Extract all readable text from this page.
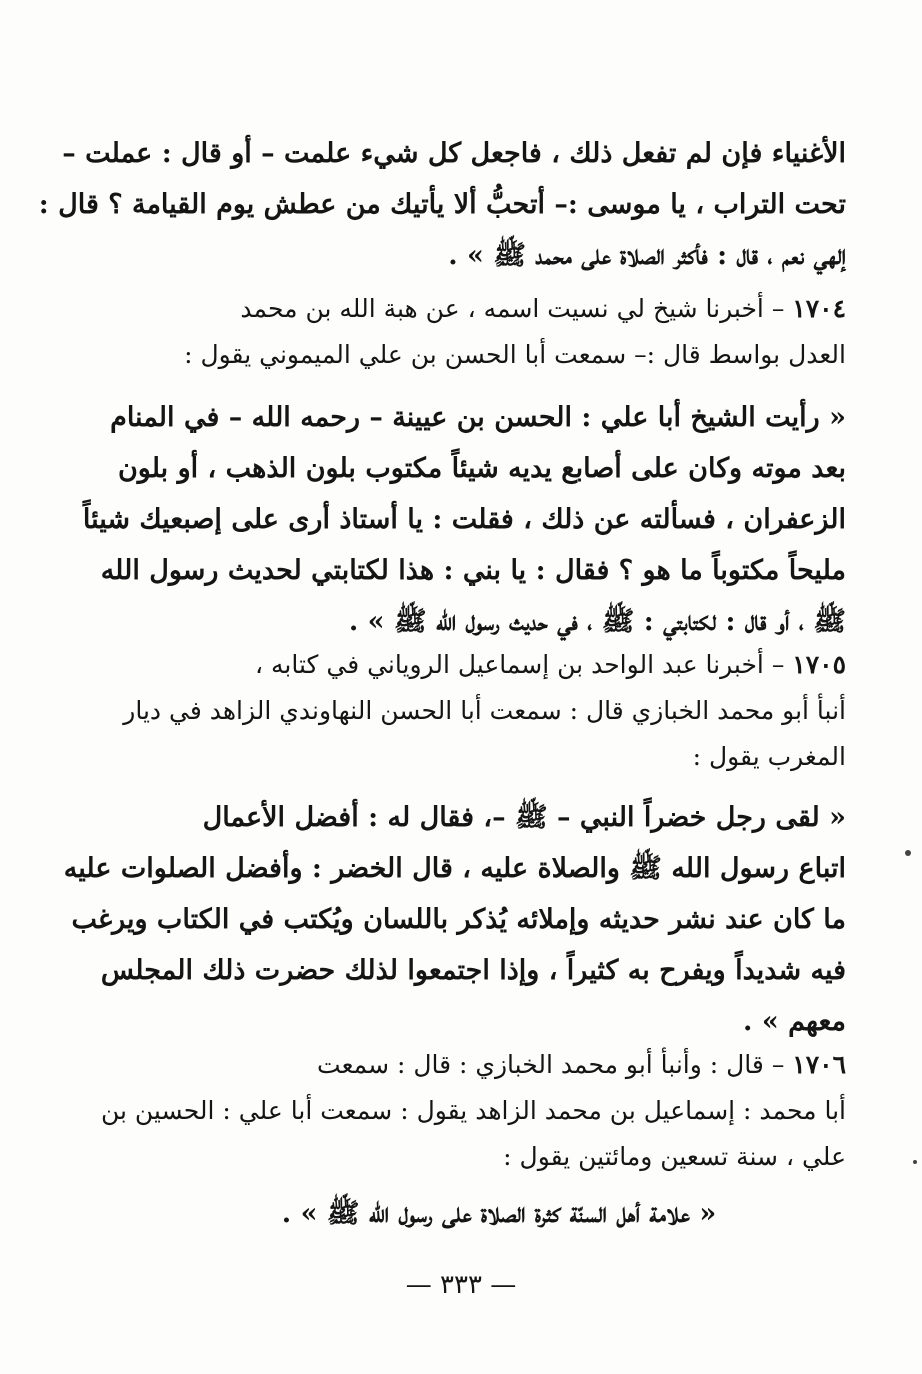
الأغنياء فإن لم تفعل ذلك ، فاجعل كل شيء علمت – أو قال : عملت –
تحت التراب ، يا موسى :– أتحبُّ ألا يأتيك من عطش يوم القيامة ؟ قال :
إلهي نعم ، قال : فأكثر الصلاة على محمد ﷺ » .
١٧٠٤ – أخبرنا شيخ لي نسيت اسمه ، عن هبة الله بن محمد
العدل بواسط قال :– سمعت أبا الحسن بن علي الميموني يقول :
« رأيت الشيخ أبا علي : الحسن بن عيينة – رحمه الله – في المنام
بعد موته وكان على أصابع يديه شيئاً مكتوب بلون الذهب ، أو بلون
الزعفران ، فسألته عن ذلك ، فقلت : يا أستاذ أرى على إصبعيك شيئاً
مليحاً مكتوباً ما هو ؟ فقال : يا بني : هذا لكتابتي لحديث رسول الله
ﷺ ، أو قال : لكتابتي : ﷺ ، في حديث رسول الله ﷺ » .
١٧٠٥ – أخبرنا عبد الواحد بن إسماعيل الروياني في كتابه ،
أنبأ أبو محمد الخبازي قال : سمعت أبا الحسن النهاوندي الزاهد في ديار
المغرب يقول :
« لقى رجل خضراً النبي – ﷺ –، فقال له : أفضل الأعمال
اتباع رسول الله ﷺ والصلاة عليه ، قال الخضر : وأفضل الصلوات عليه
ما كان عند نشر حديثه وإملائه يُذكر باللسان ويُكتب في الكتاب ويرغب
فيه شديداً ويفرح به كثيراً ، وإذا اجتمعوا لذلك حضرت ذلك المجلس
معهم » .
١٧٠٦ – قال : وأنبأ أبو محمد الخبازي : قال : سمعت
أبا محمد : إسماعيل بن محمد الزاهد يقول : سمعت أبا علي : الحسين بن
علي ، سنة تسعين ومائتين يقول :
« علامة أهل السنّة كثرة الصلاة على رسول الله ﷺ » .
— ٣٣٣ —
